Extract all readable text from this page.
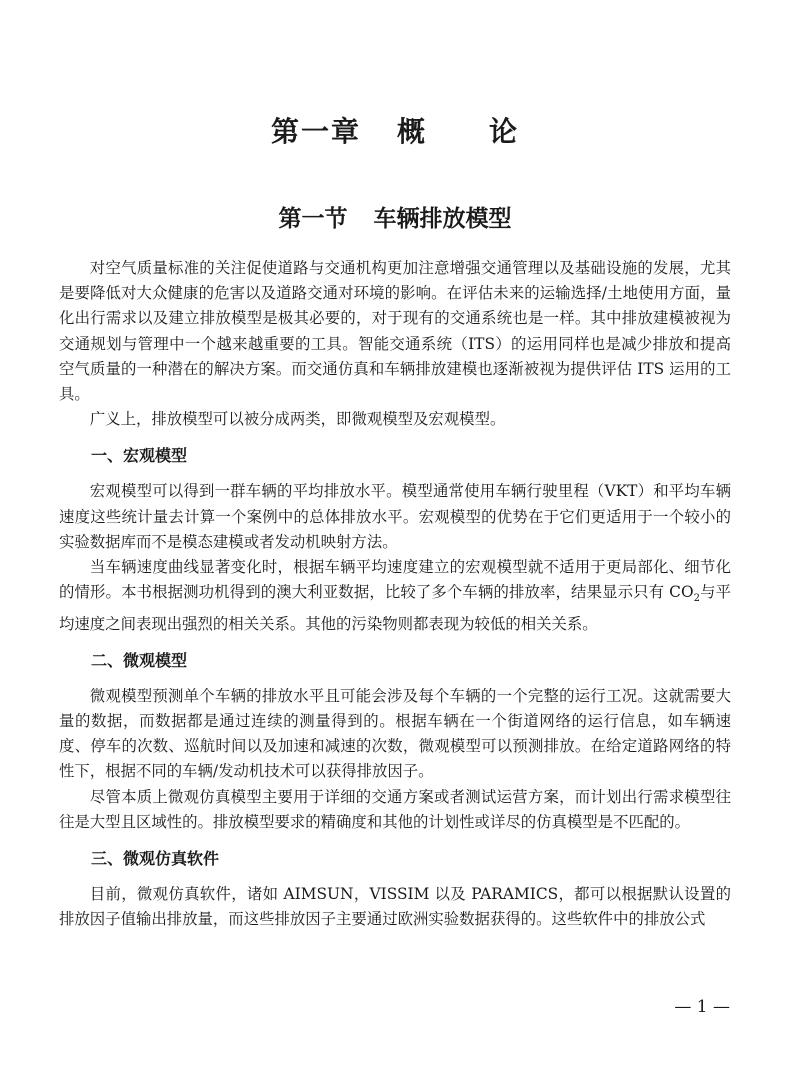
第一章 概 论
第一节 车辆排放模型

对空气质量标准的关注促使道路与交通机构更加注意增强交通管理以及基础设施的发展，尤其是要降低对大众健康的危害以及道路交通对环境的影响。在评估未来的运输选择/土地使用方面，量化出行需求以及建立排放模型是极其必要的，对于现有的交通系统也是一样。其中排放建模被视为交通规划与管理中一个越来越重要的工具。智能交通系统（ITS）的运用同样也是减少排放和提高空气质量的一种潜在的解决方案。而交通仿真和车辆排放建模也逐渐被视为提供评估 ITS 运用的工具。

广义上，排放模型可以被分成两类，即微观模型及宏观模型。

一、宏观模型

宏观模型可以得到一群车辆的平均排放水平。模型通常使用车辆行驶里程（VKT）和平均车辆速度这些统计量去计算一个案例中的总体排放水平。宏观模型的优势在于它们更适用于一个较小的实验数据库而不是模态建模或者发动机映射方法。

当车辆速度曲线显著变化时，根据车辆平均速度建立的宏观模型就不适用于更局部化、细节化的情形。本书根据测功机得到的澳大利亚数据，比较了多个车辆的排放率，结果显示只有 $CO_2$与平均速度之间表现出强烈的相关关系。其他的污染物则都表现为较低的相关关系。

二、微观模型

微观模型预测单个车辆的排放水平且可能会涉及每个车辆的一个完整的运行工况。这就需要大量的数据，而数据都是通过连续的测量得到的。根据车辆在一个街道网络的运行信息，如车辆速度、停车的次数、巡航时间以及加速和减速的次数，微观模型可以预测排放。在给定道路网络的特性下，根据不同的车辆/发动机技术可以获得排放因子。

尽管本质上微观仿真模型主要用于详细的交通方案或者测试运营方案，而计划出行需求模型往往是大型且区域性的。排放模型要求的精确度和其他的计划性或详尽的仿真模型是不匹配的。

三、微观仿真软件

目前，微观仿真软件，诸如 AIMSUN，VISSIM 以及 PARAMICS，都可以根据默认设置的排放因子值输出排放量，而这些排放因子主要通过欧洲实验数据获得的。这些软件中的排放公式

— 1 —
